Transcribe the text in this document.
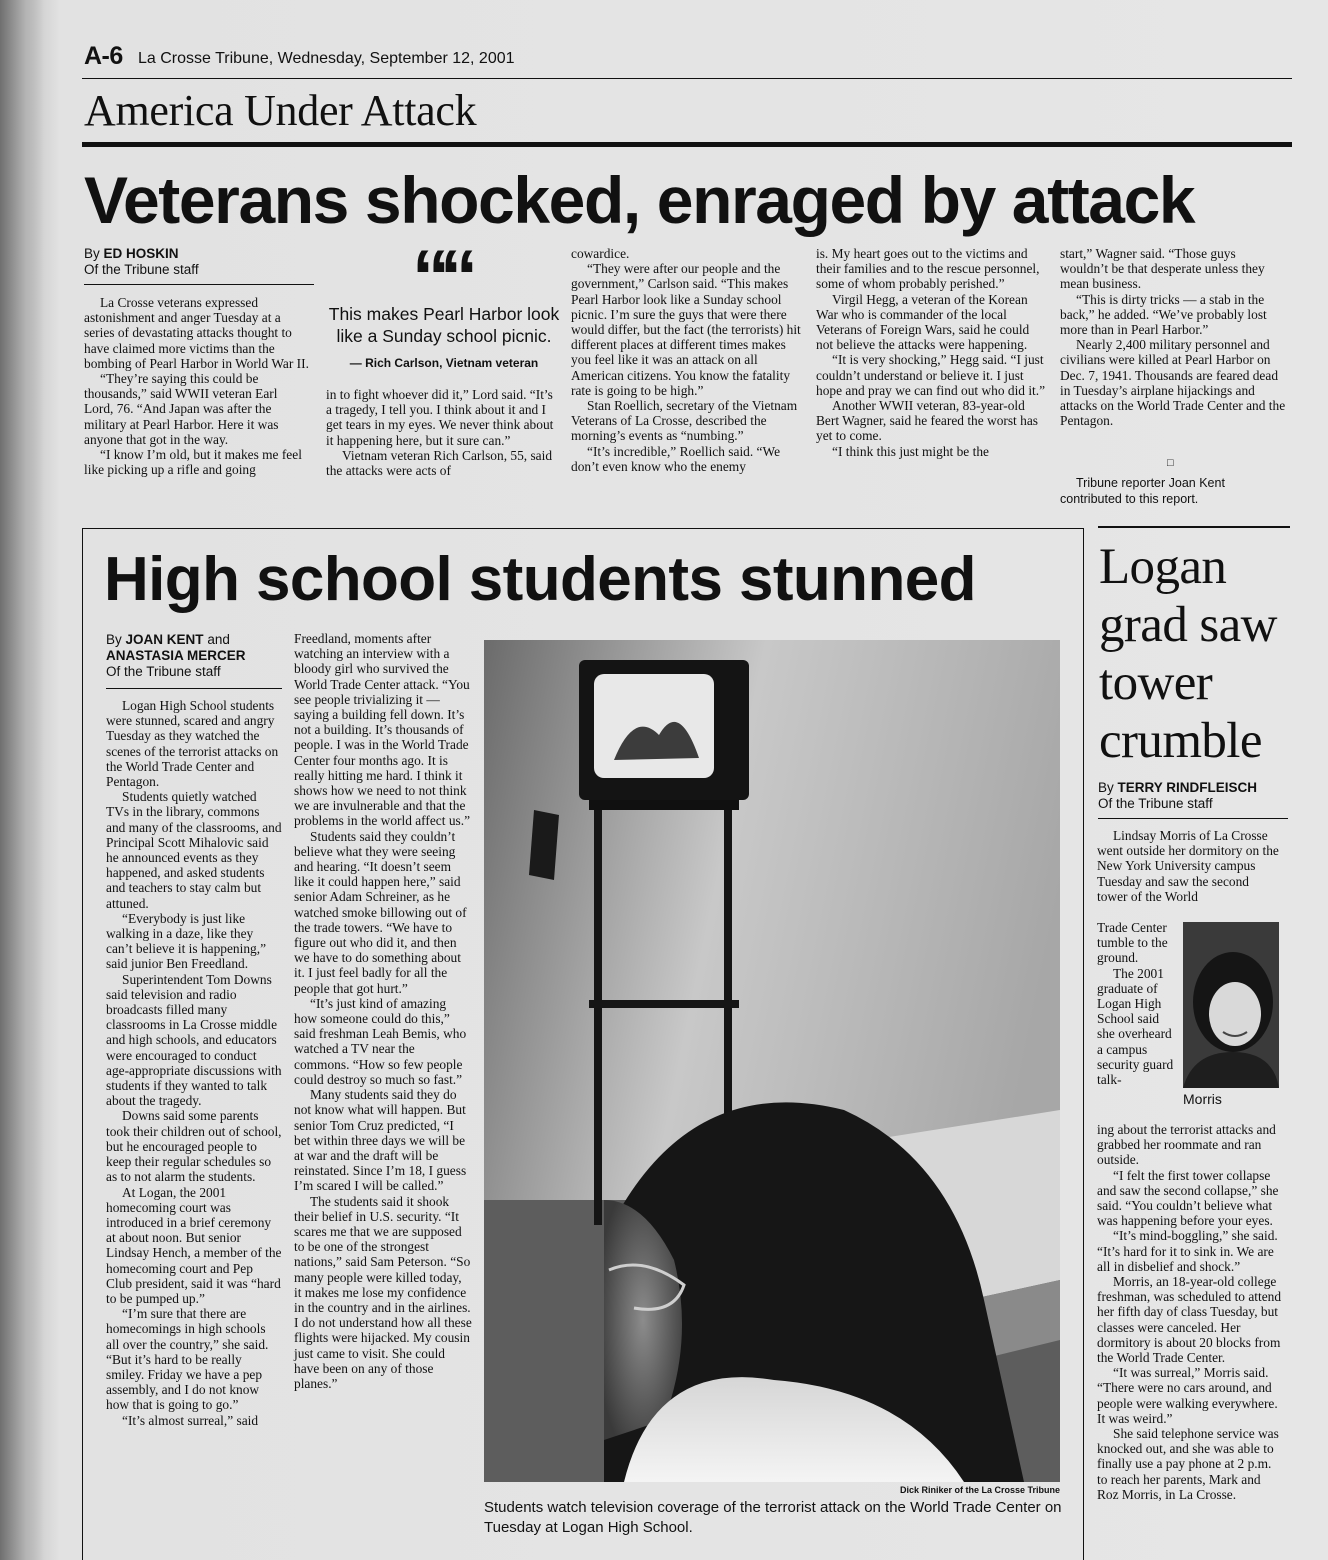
A-6 La Crosse Tribune, Wednesday, September 12, 2001
America Under Attack
Veterans shocked, enraged by attack
By ED HOSKIN
Of the Tribune staff

La Crosse veterans expressed astonishment and anger Tuesday at a series of devastating attacks thought to have claimed more victims than the bombing of Pearl Harbor in World War II.

“They’re saying this could be thousands,” said WWII veteran Earl Lord, 76. “And Japan was after the military at Pearl Harbor. Here it was anyone that got in the way.

“I know I’m old, but it makes me feel like picking up a rifle and going

““
This makes Pearl Harbor look like a Sunday school picnic.
— Rich Carlson, Vietnam veteran

in to fight whoever did it,” Lord said. “It’s a tragedy, I tell you. I think about it and I get tears in my eyes. We never think about it happening here, but it sure can.”

Vietnam veteran Rich Carlson, 55, said the attacks were acts of

cowardice.

“They were after our people and the government,” Carlson said. “This makes Pearl Harbor look like a Sunday school picnic. I’m sure the guys that were there would differ, but the fact (the terrorists) hit different places at different times makes you feel like it was an attack on all American citizens. You know the fatality rate is going to be high.”

Stan Roellich, secretary of the Vietnam Veterans of La Crosse, described the morning’s events as “numbing.”

“It’s incredible,” Roellich said. “We don’t even know who the enemy

is. My heart goes out to the victims and their families and to the rescue personnel, some of whom probably perished.”

Virgil Hegg, a veteran of the Korean War who is commander of the local Veterans of Foreign Wars, said he could not believe the attacks were happening.

“It is very shocking,” Hegg said. “I just couldn’t understand or believe it. I just hope and pray we can find out who did it.”

Another WWII veteran, 83-year-old Bert Wagner, said he feared the worst has yet to come.

“I think this just might be the

start,” Wagner said. “Those guys wouldn’t be that desperate unless they mean business.

“This is dirty tricks — a stab in the back,” he added. “We’ve probably lost more than in Pearl Harbor.”

Nearly 2,400 military personnel and civilians were killed at Pearl Harbor on Dec. 7, 1941. Thousands are feared dead in Tuesday’s airplane hijackings and attacks on the World Trade Center and the Pentagon.

□
Tribune reporter Joan Kent contributed to this report.
High school students stunned
By JOAN KENT and
ANASTASIA MERCER
Of the Tribune staff

Logan High School students were stunned, scared and angry Tuesday as they watched the scenes of the terrorist attacks on the World Trade Center and Pentagon.

Students quietly watched TVs in the library, commons and many of the classrooms, and Principal Scott Mihalovic said he announced events as they happened, and asked students and teachers to stay calm but attuned.

“Everybody is just like walking in a daze, like they can’t believe it is happening,” said junior Ben Freedland.

Superintendent Tom Downs said television and radio broadcasts filled many classrooms in La Crosse middle and high schools, and educators were encouraged to conduct age-appropriate discussions with students if they wanted to talk about the tragedy.

Downs said some parents took their children out of school, but he encouraged people to keep their regular schedules so as to not alarm the students.

At Logan, the 2001 homecoming court was introduced in a brief ceremony at about noon. But senior Lindsay Hench, a member of the homecoming court and Pep Club president, said it was “hard to be pumped up.”

“I’m sure that there are homecomings in high schools all over the country,” she said. “But it’s hard to be really smiley. Friday we have a pep assembly, and I do not know how that is going to go.”

“It’s almost surreal,” said

Freedland, moments after watching an interview with a bloody girl who survived the World Trade Center attack. “You see people trivializing it — saying a building fell down. It’s not a building. It’s thousands of people. I was in the World Trade Center four months ago. It is really hitting me hard. I think it shows how we need to not think we are invulnerable and that the problems in the world affect us.”

Students said they couldn’t believe what they were seeing and hearing. “It doesn’t seem like it could happen here,” said senior Adam Schreiner, as he watched smoke billowing out of the trade towers. “We have to figure out who did it, and then we have to do something about it. I just feel badly for all the people that got hurt.”

“It’s just kind of amazing how someone could do this,” said freshman Leah Bemis, who watched a TV near the commons. “How so few people could destroy so much so fast.”

Many students said they do not know what will happen. But senior Tom Cruz predicted, “I bet within three days we will be at war and the draft will be reinstated. Since I’m 18, I guess I’m scared I will be called.”

The students said it shook their belief in U.S. security. “It scares me that we are supposed to be one of the strongest nations,” said Sam Peterson. “So many people were killed today, it makes me lose my confidence in the country and in the airlines. I do not understand how all these flights were hijacked. My cousin just came to visit. She could have been on any of those planes.”

Dick Riniker of the La Crosse Tribune
Students watch television coverage of the terrorist attack on the World Trade Center on Tuesday at Logan High School.
Logan grad saw tower crumble
By TERRY RINDFLEISCH
Of the Tribune staff

Lindsay Morris of La Crosse went outside her dormitory on the New York University campus Tuesday and saw the second tower of the World

Trade Center tumble to the ground.

The 2001 graduate of Logan High School said she overheard a campus security guard talk-

Morris

ing about the terrorist attacks and grabbed her roommate and ran outside.

“I felt the first tower collapse and saw the second collapse,” she said. “You couldn’t believe what was happening before your eyes.

“It’s mind-boggling,” she said. “It’s hard for it to sink in. We are all in disbelief and shock.”

Morris, an 18-year-old college freshman, was scheduled to attend her fifth day of class Tuesday, but classes were canceled. Her dormitory is about 20 blocks from the World Trade Center.

“It was surreal,” Morris said. “There were no cars around, and people were walking everywhere. It was weird.”

She said telephone service was knocked out, and she was able to finally use a pay phone at 2 p.m. to reach her parents, Mark and Roz Morris, in La Crosse.
